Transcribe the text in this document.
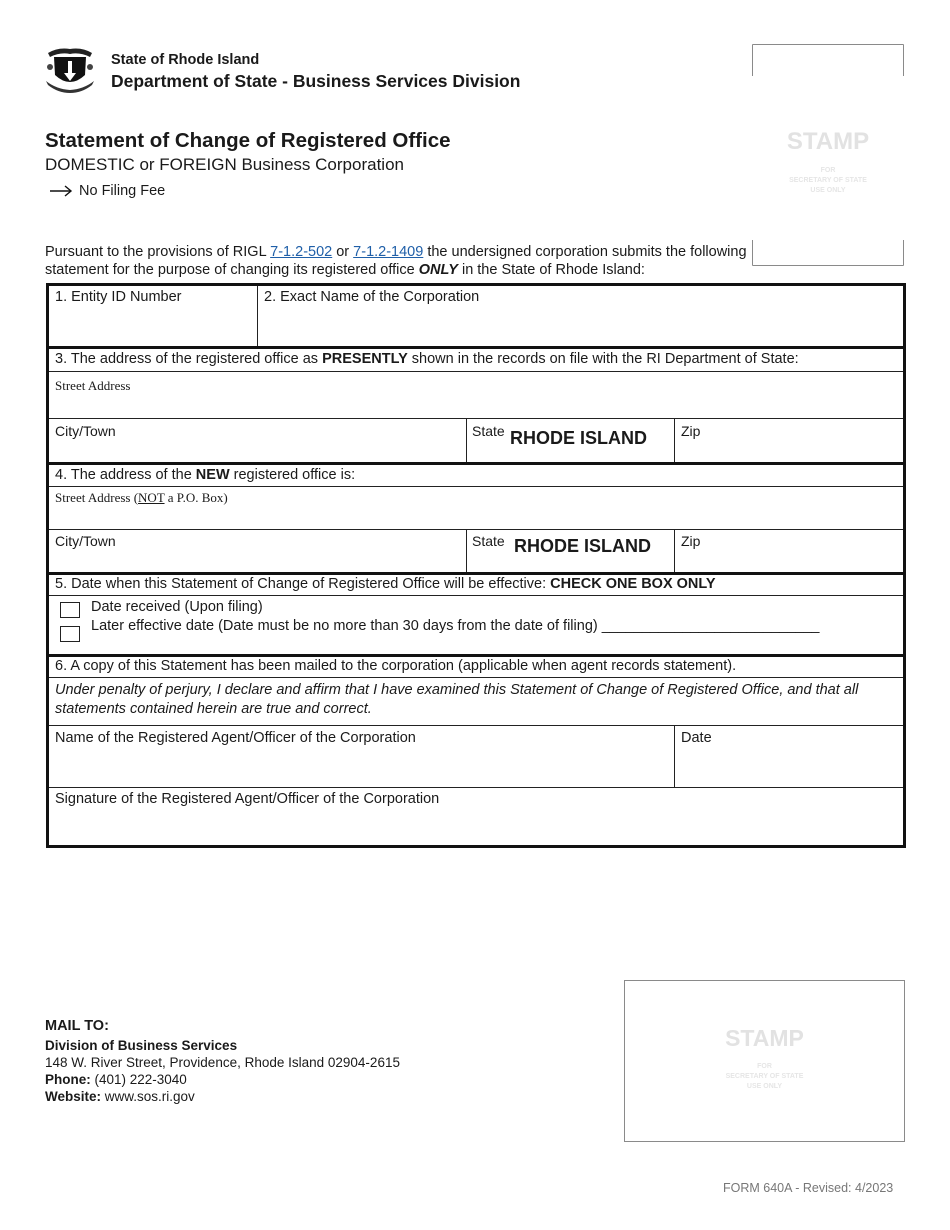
State of Rhode Island
Department of State - Business Services Division
STAMP
FOR
SECRETARY OF STATE
USE ONLY
Statement of Change of Registered Office
DOMESTIC or FOREIGN Business Corporation
No Filing Fee
Pursuant to the provisions of RIGL 7-1.2-502 or 7-1.2-1409 the undersigned corporation submits the following statement for the purpose of changing its registered office ONLY in the State of Rhode Island:
1. Entity ID Number	2. Exact Name of the Corporation
3. The address of the registered office as PRESENTLY shown in the records on file with the RI Department of State:
Street Address
City/Town	State RHODE ISLAND Zip
4. The address of the NEW registered office is:
Street Address (NOT a P.O. Box)
City/Town	State RHODE ISLAND Zip
5. Date when this Statement of Change of Registered Office will be effective: CHECK ONE BOX ONLY
Date received (Upon filing)
Later effective date (Date must be no more than 30 days from the date of filing) ___________________________
6. A copy of this Statement has been mailed to the corporation (applicable when agent records statement).
Under penalty of perjury, I declare and affirm that I have examined this Statement of Change of Registered Office, and that all statements contained herein are true and correct.
Name of the Registered Agent/Officer of the Corporation	Date
Signature of the Registered Agent/Officer of the Corporation
MAIL TO:
Division of Business Services
148 W. River Street, Providence, Rhode Island 02904-2615
Phone: (401) 222-3040
Website: www.sos.ri.gov
STAMP
FOR
SECRETARY OF STATE
USE ONLY
FORM 640A - Revised: 4/2023
